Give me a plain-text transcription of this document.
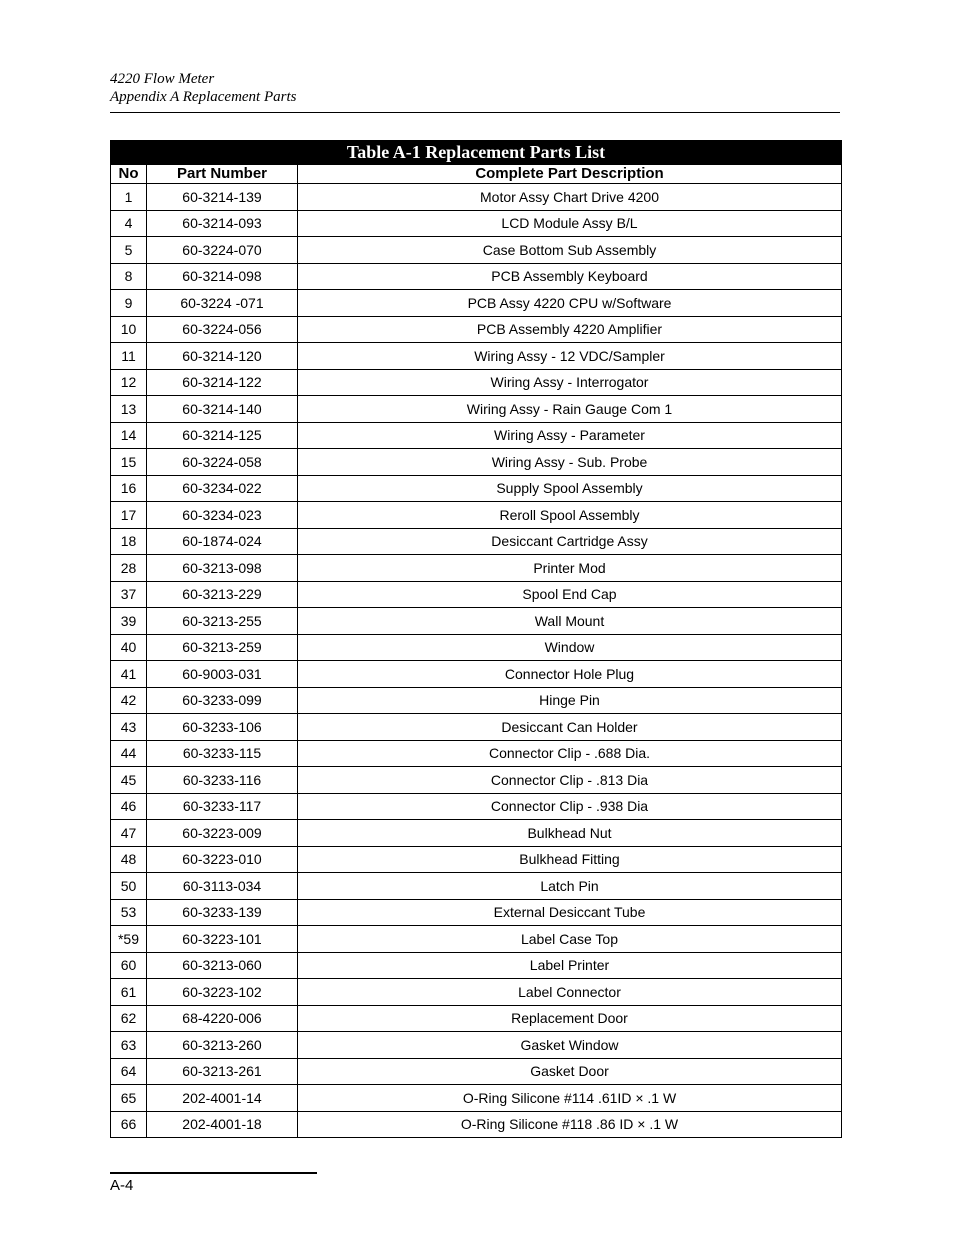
4220 Flow Meter
Appendix A Replacement Parts
Table A-1 Replacement Parts List		
No	Part Number	Complete Part Description
1	60-3214-139	Motor Assy Chart Drive 4200
4	60-3214-093	LCD Module Assy B/L
5	60-3224-070	Case Bottom Sub Assembly
8	60-3214-098	PCB Assembly Keyboard
9	60-3224 -071	PCB Assy 4220 CPU w/Software
10	60-3224-056	PCB Assembly 4220 Amplifier
11	60-3214-120	Wiring Assy - 12 VDC/Sampler
12	60-3214-122	Wiring Assy - Interrogator
13	60-3214-140	Wiring Assy - Rain Gauge Com 1
14	60-3214-125	Wiring Assy - Parameter
15	60-3224-058	Wiring Assy - Sub. Probe
16	60-3234-022	Supply Spool Assembly
17	60-3234-023	Reroll Spool Assembly
18	60-1874-024	Desiccant Cartridge Assy
28	60-3213-098	Printer Mod
37	60-3213-229	Spool End Cap
39	60-3213-255	Wall Mount
40	60-3213-259	Window
41	60-9003-031	Connector Hole Plug
42	60-3233-099	Hinge Pin
43	60-3233-106	Desiccant Can Holder
44	60-3233-115	Connector Clip - .688 Dia.
45	60-3233-116	Connector Clip - .813 Dia
46	60-3233-117	Connector Clip - .938 Dia
47	60-3223-009	Bulkhead Nut
48	60-3223-010	Bulkhead Fitting
50	60-3113-034	Latch Pin
53	60-3233-139	External Desiccant Tube
*59	60-3223-101	Label Case Top
60	60-3213-060	Label Printer
61	60-3223-102	Label Connector
62	68-4220-006	Replacement Door
63	60-3213-260	Gasket Window
64	60-3213-261	Gasket Door
65	202-4001-14	O-Ring Silicone #114 .61ID × .1 W
66	202-4001-18	O-Ring Silicone #118 .86 ID × .1 W
A-4
